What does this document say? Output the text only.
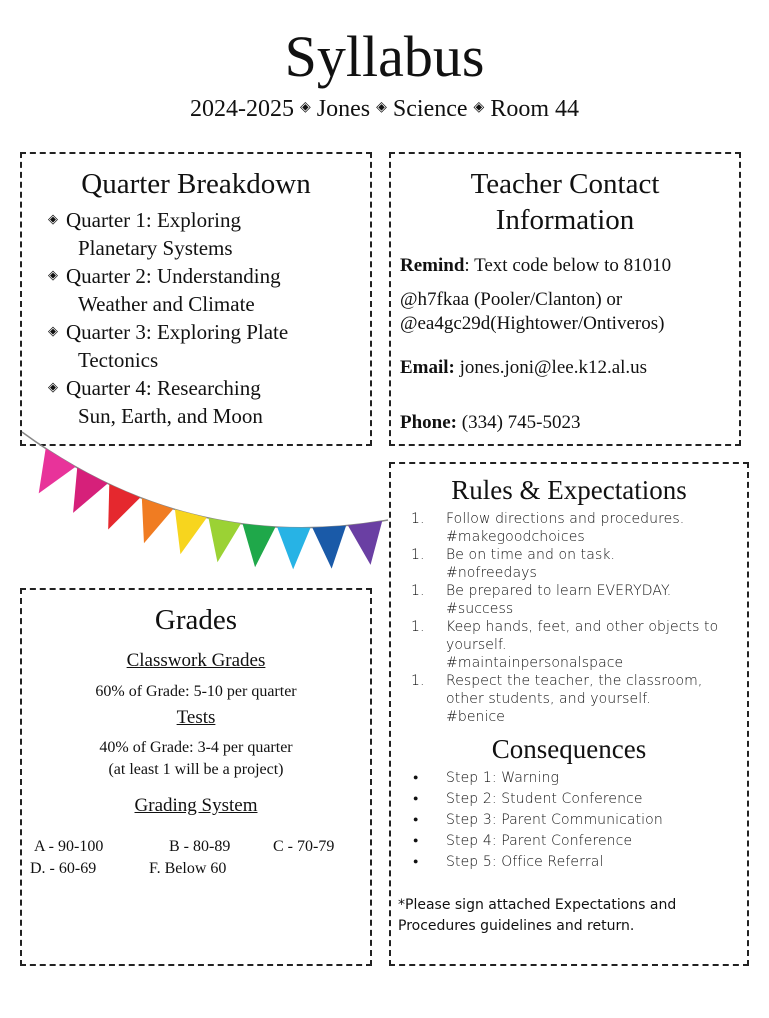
Syllabus
2024-2025 ◈ Jones ◈ Science ◈ Room 44
Quarter Breakdown
◈ Quarter 1: Exploring
Planetary Systems
◈ Quarter 2: Understanding
Weather and Climate
◈ Quarter 3: Exploring Plate
Tectonics
◈ Quarter 4: Researching
Sun, Earth, and Moon
Teacher Contact
Information

Remind: Text code below to 81010

@h7fkaa (Pooler/Clanton) or

@ea4gc29d(Hightower/Ontiveros)

Email: jones.joni@lee.k12.al.us

Phone: (334) 745-5023

Grades
Classwork Grades
60% of Grade: 5-10 per quarter
Tests
40% of Grade: 3-4 per quarter
(at least 1 will be a project)
Grading System
A - 90-100	B - 80-89	C - 70-79
D. - 60-69	F. Below 60
Rules & Expectations
1. Follow directions and procedures.
#makegoodchoices
1. Be on time and on task.
#nofreedays
1. Be prepared to learn EVERYDAY.
#success
1. Keep hands, feet, and other objects to
yourself.
#maintainpersonalspace
1. Respect the teacher, the classroom,
other students, and yourself.
#benice
Consequences
● Step 1: Warning
● Step 2: Student Conference
● Step 3: Parent Communication
● Step 4: Parent Conference
● Step 5: Office Referral
*Please sign attached Expectations and
Procedures guidelines and return.
